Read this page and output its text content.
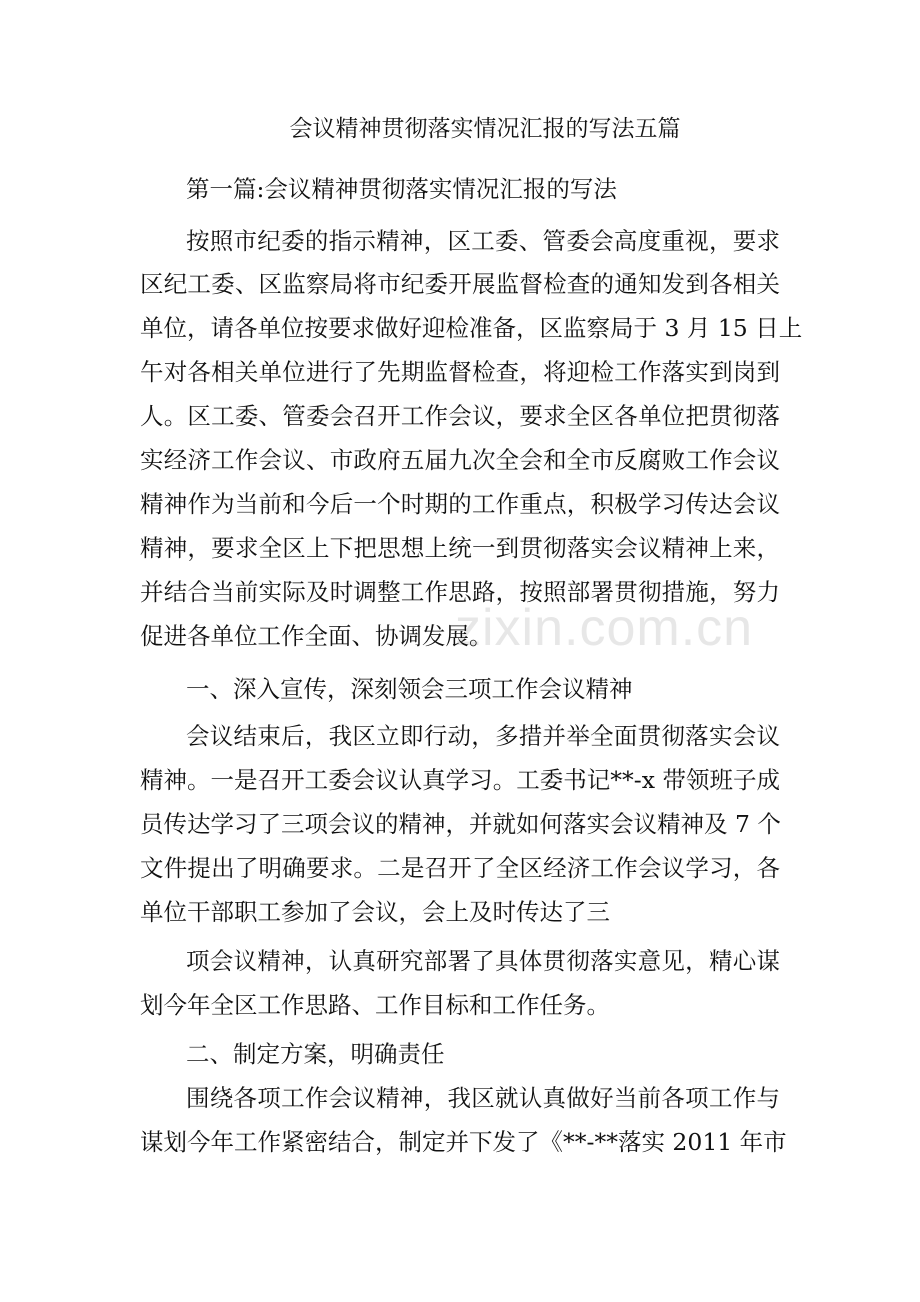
zixin.com.cn
会议精神贯彻落实情况汇报的写法五篇
第一篇:会议精神贯彻落实情况汇报的写法
按照市纪委的指示精神，区工委、管委会高度重视，要求
区纪工委、区监察局将市纪委开展监督检查的通知发到各相关
单位，请各单位按要求做好迎检准备，区监察局于 3 月 15 日上
午对各相关单位进行了先期监督检查，将迎检工作落实到岗到
人。区工委、管委会召开工作会议，要求全区各单位把贯彻落
实经济工作会议、市政府五届九次全会和全市反腐败工作会议
精神作为当前和今后一个时期的工作重点，积极学习传达会议
精神，要求全区上下把思想上统一到贯彻落实会议精神上来，
并结合当前实际及时调整工作思路，按照部署贯彻措施，努力
促进各单位工作全面、协调发展。
一、深入宣传，深刻领会三项工作会议精神
会议结束后，我区立即行动，多措并举全面贯彻落实会议
精神。一是召开工委会议认真学习。工委书记**-x 带领班子成
员传达学习了三项会议的精神，并就如何落实会议精神及 7 个
文件提出了明确要求。二是召开了全区经济工作会议学习，各
单位干部职工参加了会议，会上及时传达了三
项会议精神，认真研究部署了具体贯彻落实意见，精心谋
划今年全区工作思路、工作目标和工作任务。
二、制定方案，明确责任
围绕各项工作会议精神，我区就认真做好当前各项工作与
谋划今年工作紧密结合，制定并下发了《**-**落实 2011 年市
